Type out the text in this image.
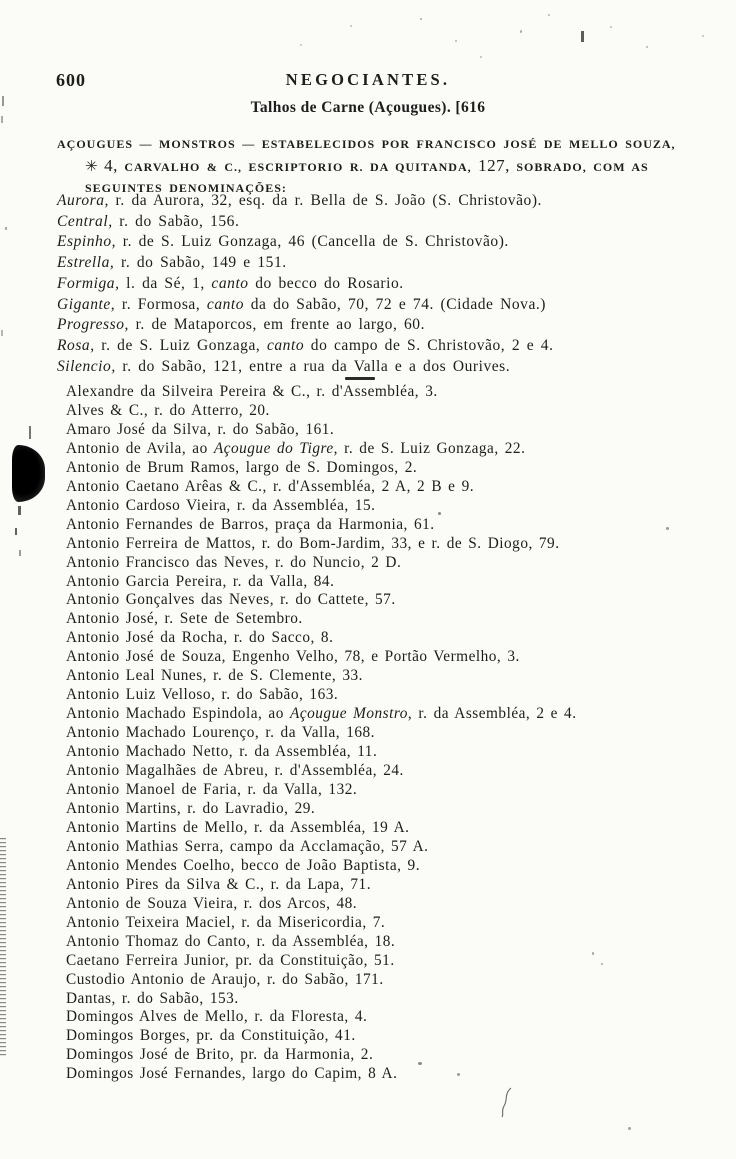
600	NEGOCIANTES.
Talhos de Carne (Açougues). [616
AÇOUGUES — MONSTROS — ESTABELECIDOS POR FRANCISCO JOSÉ DE MELLO SOUZA,
✳ 4, CARVALHO & C., ESCRIPTORIO R. DA QUITANDA, 127, SOBRADO, COM AS
SEGUINTES DENOMINAÇÕES:
Aurora, r. da Aurora, 32, esq. da r. Bella de S. João (S. Christovão).
Central, r. do Sabão, 156.
Espinho, r. de S. Luiz Gonzaga, 46 (Cancella de S. Christovão).
Estrella, r. do Sabão, 149 e 151.
Formiga, l. da Sé, 1, canto do becco do Rosario.
Gigante, r. Formosa, canto da do Sabão, 70, 72 e 74. (Cidade Nova.)
Progresso, r. de Mataporcos, em frente ao largo, 60.
Rosa, r. de S. Luiz Gonzaga, canto do campo de S. Christovão, 2 e 4.
Silencio, r. do Sabão, 121, entre a rua da Valla e a dos Ourives.
Alexandre da Silveira Pereira & C., r. d'Assembléa, 3.
Alves & C., r. do Atterro, 20.
Amaro José da Silva, r. do Sabão, 161.
Antonio de Avila, ao Açougue do Tigre, r. de S. Luiz Gonzaga, 22.
Antonio de Brum Ramos, largo de S. Domingos, 2.
Antonio Caetano Arêas & C., r. d'Assembléa, 2 A, 2 B e 9.
Antonio Cardoso Vieira, r. da Assembléa, 15.
Antonio Fernandes de Barros, praça da Harmonia, 61.
Antonio Ferreira de Mattos, r. do Bom-Jardim, 33, e r. de S. Diogo, 79.
Antonio Francisco das Neves, r. do Nuncio, 2 D.
Antonio Garcia Pereira, r. da Valla, 84.
Antonio Gonçalves das Neves, r. do Cattete, 57.
Antonio José, r. Sete de Setembro.
Antonio José da Rocha, r. do Sacco, 8.
Antonio José de Souza, Engenho Velho, 78, e Portão Vermelho, 3.
Antonio Leal Nunes, r. de S. Clemente, 33.
Antonio Luiz Velloso, r. do Sabão, 163.
Antonio Machado Espindola, ao Açougue Monstro, r. da Assembléa, 2 e 4.
Antonio Machado Lourenço, r. da Valla, 168.
Antonio Machado Netto, r. da Assembléa, 11.
Antonio Magalhães de Abreu, r. d'Assembléa, 24.
Antonio Manoel de Faria, r. da Valla, 132.
Antonio Martins, r. do Lavradio, 29.
Antonio Martins de Mello, r. da Assembléa, 19 A.
Antonio Mathias Serra, campo da Acclamação, 57 A.
Antonio Mendes Coelho, becco de João Baptista, 9.
Antonio Pires da Silva & C., r. da Lapa, 71.
Antonio de Souza Vieira, r. dos Arcos, 48.
Antonio Teixeira Maciel, r. da Misericordia, 7.
Antonio Thomaz do Canto, r. da Assembléa, 18.
Caetano Ferreira Junior, pr. da Constituição, 51.
Custodio Antonio de Araujo, r. do Sabão, 171.
Dantas, r. do Sabão, 153.
Domingos Alves de Mello, r. da Floresta, 4.
Domingos Borges, pr. da Constituição, 41.
Domingos José de Brito, pr. da Harmonia, 2.
Domingos José Fernandes, largo do Capim, 8 A.
